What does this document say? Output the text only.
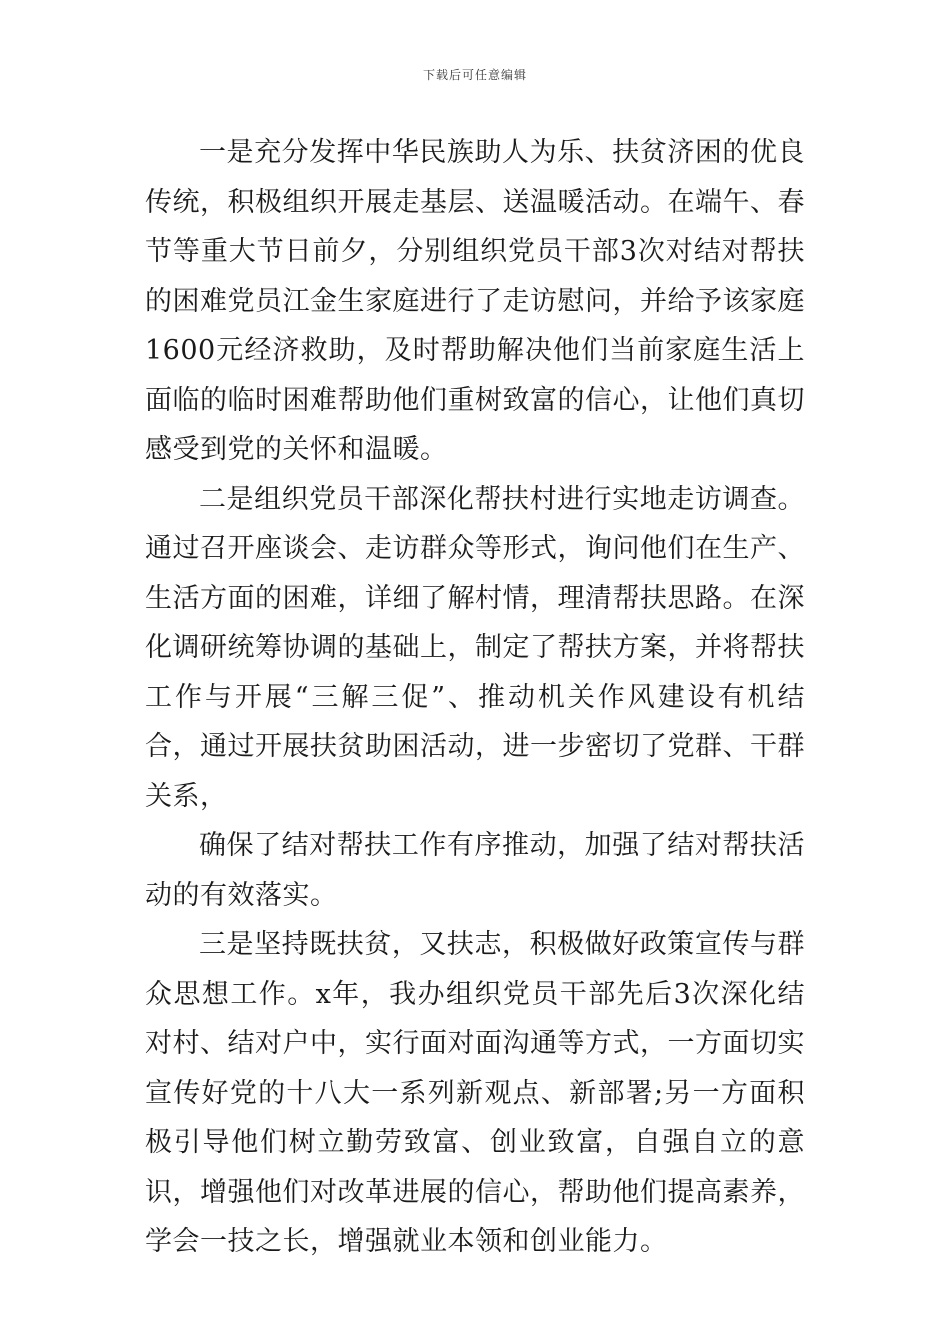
下载后可任意编辑

一是充分发挥中华民族助人为乐、扶贫济困的优良传统，积极组织开展走基层、送温暖活动。在端午、春节等重大节日前夕，分别组织党员干部3次对结对帮扶的困难党员江金生家庭进行了走访慰问，并给予该家庭1600元经济救助，及时帮助解决他们当前家庭生活上面临的临时困难帮助他们重树致富的信心，让他们真切感受到党的关怀和温暖。

二是组织党员干部深化帮扶村进行实地走访调查。通过召开座谈会、走访群众等形式，询问他们在生产、生活方面的困难，详细了解村情，理清帮扶思路。在深化调研统筹协调的基础上，制定了帮扶方案，并将帮扶工作与开展“三解三促”、推动机关作风建设有机结合，通过开展扶贫助困活动，进一步密切了党群、干群关系，

确保了结对帮扶工作有序推动，加强了结对帮扶活动的有效落实。

三是坚持既扶贫，又扶志，积极做好政策宣传与群众思想工作。x年，我办组织党员干部先后3次深化结对村、结对户中，实行面对面沟通等方式，一方面切实宣传好党的十八大一系列新观点、新部署;另一方面积极引导他们树立勤劳致富、创业致富，自强自立的意识，增强他们对改革进展的信心，帮助他们提高素养，学会一技之长，增强就业本领和创业能力。
